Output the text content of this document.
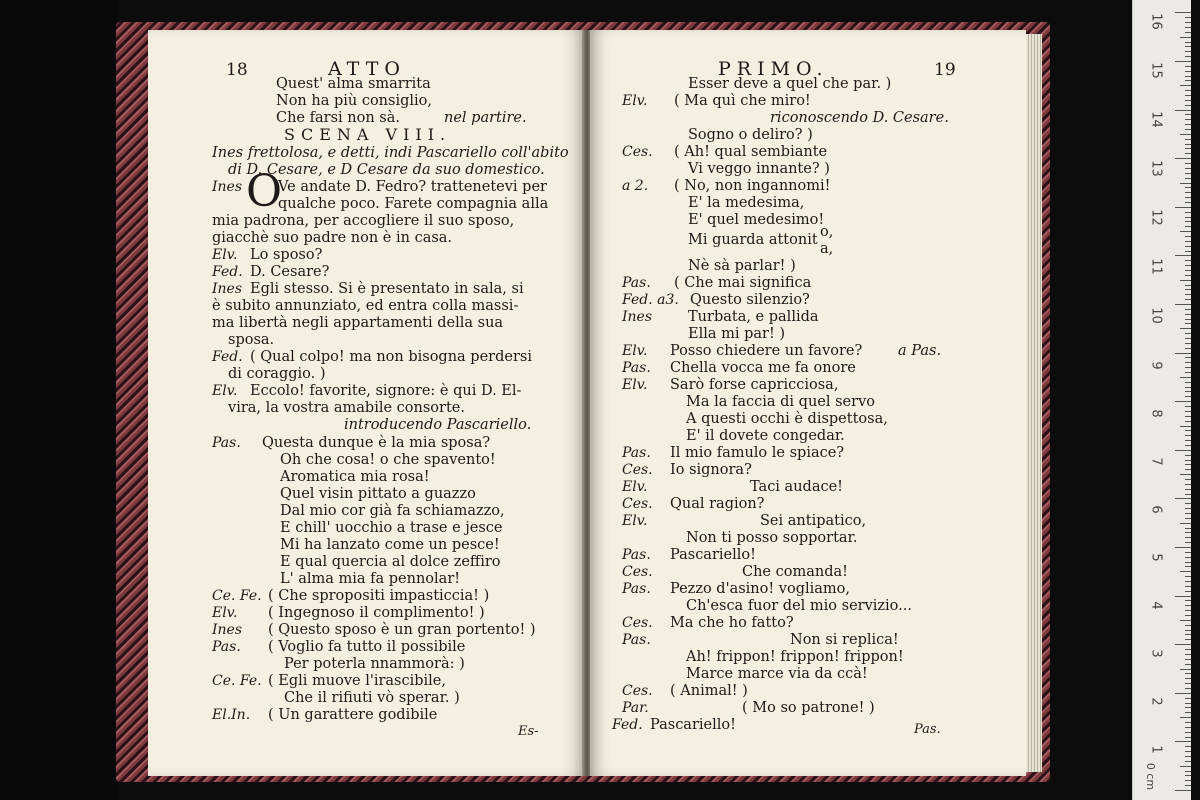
18	ATTO
Quest' alma smarrita
Non ha più consiglio,
Che farsi non sà.	nel partire.
SCENA VIII.
Ines frettolosa, e detti, indi Pascariello coll'abito
di D. Cesare, e D Cesare da suo domestico.
Ines O
Ve andate D. Fedro? trattenetevi per
qualche poco. Farete compagnia alla
mia padrona, per accogliere il suo sposo,
giacchè suo padre non è in casa.
Elv. Lo sposo?
Fed. D. Cesare?
Ines Egli stesso. Si è presentato in sala, si
è subito annunziato, ed entra colla massi-
ma libertà negli appartamenti della sua
sposa.
Fed. ( Qual colpo! ma non bisogna perdersi
di coraggio. )
Elv. Eccolo! favorite, signore: è qui D. El-
vira, la vostra amabile consorte.
introducendo Pascariello.
Pas. Questa dunque è la mia sposa?
Oh che cosa! o che spavento!
Aromatica mia rosa!
Quel visin pittato a guazzo
Dal mio cor già fa schiamazzo,
E chill' uocchio a trase e jesce
Mi ha lanzato come un pesce!
E qual quercia al dolce zeffiro
L' alma mia fa pennolar!
Ce. Fe. ( Che spropositi impasticcia! )
Elv. ( Ingegnoso il complimento! )
Ines ( Questo sposo è un gran portento! )
Pas. ( Voglio fa tutto il possibile
Per poterla nnammorà: )
Ce. Fe. ( Egli muove l'irascibile,
Che il rifiuti vò sperar. )
El.In. ( Un garattere godibile
Es-
PRIMO.	19
Esser deve a quel che par. )
Elv. ( Ma quì che miro!
riconoscendo D. Cesare.
Sogno o deliro? )
Ces. ( Ah! qual sembiante
Vi veggo innante? )
a 2. ( No, non ingannomi!
E' la medesima,
E' quel medesimo!
Mi guarda attonit o,
a,
Nè sà parlar! )
Pas. ( Che mai significa
Fed. a3. Questo silenzio?
Ines Turbata, e pallida
Ella mi par! )
Elv. Posso chiedere un favore? a Pas.
Pas. Chella vocca me fa onore
Elv. Sarò forse capricciosa,
Ma la faccia di quel servo
A questi occhi è dispettosa,
E' il dovete congedar.
Pas. Il mio famulo le spiace?
Ces. Io signora?
Elv.	Taci audace!
Ces. Qual ragion?
Elv.	Sei antipatico,
Non ti posso sopportar.
Pas. Pascariello!
Ces.	Che comanda!
Pas. Pezzo d'asino! vogliamo,
Ch'esca fuor del mio servizio...
Ces. Ma che ho fatto?
Pas.	Non si replica!
Ah! frippon! frippon! frippon!
Marce marce via da ccà!
Ces. ( Animal! )
Par.	( Mo so patrone! )
Fed. Pascariello!	Pas.
0 cm
1
2
3
4
5
6
7
8
9
10
11
12
13
14
15
16
